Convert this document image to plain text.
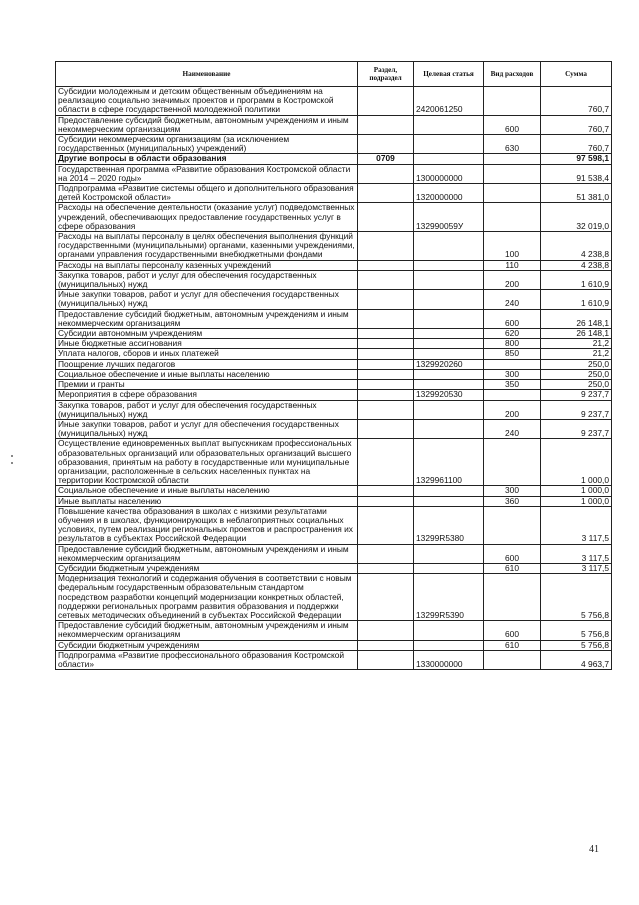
Наименование	Раздел, подраздел	Целевая статья	Вид расходов	Сумма
Субсидии молодежным и детским общественным объединениям на реализацию социально значимых проектов и программ в Костромской области в сфере государственной молодежной политики		2420061250		760,7
Предоставление субсидий бюджетным, автономным учреждениям и иным некоммерческим организациям			600	760,7
Субсидии некоммерческим организациям (за исключением государственных (муниципальных) учреждений)			630	760,7
Другие вопросы в области образования	0709			97 598,1
Государственная программа «Развитие образования Костромской области на 2014 – 2020 годы»		1300000000		91 538,4
Подпрограмма «Развитие системы общего и дополнительного образования детей Костромской области»		1320000000		51 381,0
Расходы на обеспечение деятельности (оказание услуг) подведомственных учреждений, обеспечивающих предоставление государственных услуг в сфере образования		132990059У		32 019,0
Расходы на выплаты персоналу в целях обеспечения выполнения функций государственными (муниципальными) органами, казенными учреждениями, органами управления государственными внебюджетными фондами			100	4 238,8
Расходы на выплаты персоналу казенных учреждений			110	4 238,8
Закупка товаров, работ и услуг для обеспечения государственных (муниципальных) нужд			200	1 610,9
Иные закупки товаров, работ и услуг для обеспечения государственных (муниципальных) нужд			240	1 610,9
Предоставление субсидий бюджетным, автономным учреждениям и иным некоммерческим организациям			600	26 148,1
Субсидии автономным учреждениям			620	26 148,1
Иные бюджетные ассигнования			800	21,2
Уплата налогов, сборов и иных платежей			850	21,2
Поощрение лучших педагогов		1329920260		250,0
Социальное обеспечение и иные выплаты населению			300	250,0
Премии и гранты			350	250,0
Мероприятия в сфере образования		1329920530		9 237,7
Закупка товаров, работ и услуг для обеспечения государственных (муниципальных) нужд			200	9 237,7
Иные закупки товаров, работ и услуг для обеспечения государственных (муниципальных) нужд			240	9 237,7
Осуществление единовременных выплат выпускникам профессиональных образовательных организаций или образовательных организаций высшего образования, принятым на работу в государственные или муниципальные организации, расположенные в сельских населенных пунктах на территории Костромской области		1329961100		1 000,0
Социальное обеспечение и иные выплаты населению			300	1 000,0
Иные выплаты населению			360	1 000,0
Повышение качества образования в школах с низкими результатами обучения и в школах, функционирующих в неблагоприятных социальных условиях, путем реализации региональных проектов и распространения их результатов в субъектах Российской Федерации		13299R5380		3 117,5
Предоставление субсидий бюджетным, автономным учреждениям и иным некоммерческим организациям			600	3 117,5
Субсидии бюджетным учреждениям			610	3 117,5
Модернизация технологий и содержания обучения в соответствии с новым федеральным государственным образовательным стандартом посредством разработки концепций модернизации конкретных областей, поддержки региональных программ развития образования и поддержки сетевых методических объединений в субъектах Российской Федерации		13299R5390		5 756,8
Предоставление субсидий бюджетным, автономным учреждениям и иным некоммерческим организациям			600	5 756,8
Субсидии бюджетным учреждениям			610	5 756,8
Подпрограмма «Развитие профессионального образования Костромской области»		1330000000		4 963,7
41
